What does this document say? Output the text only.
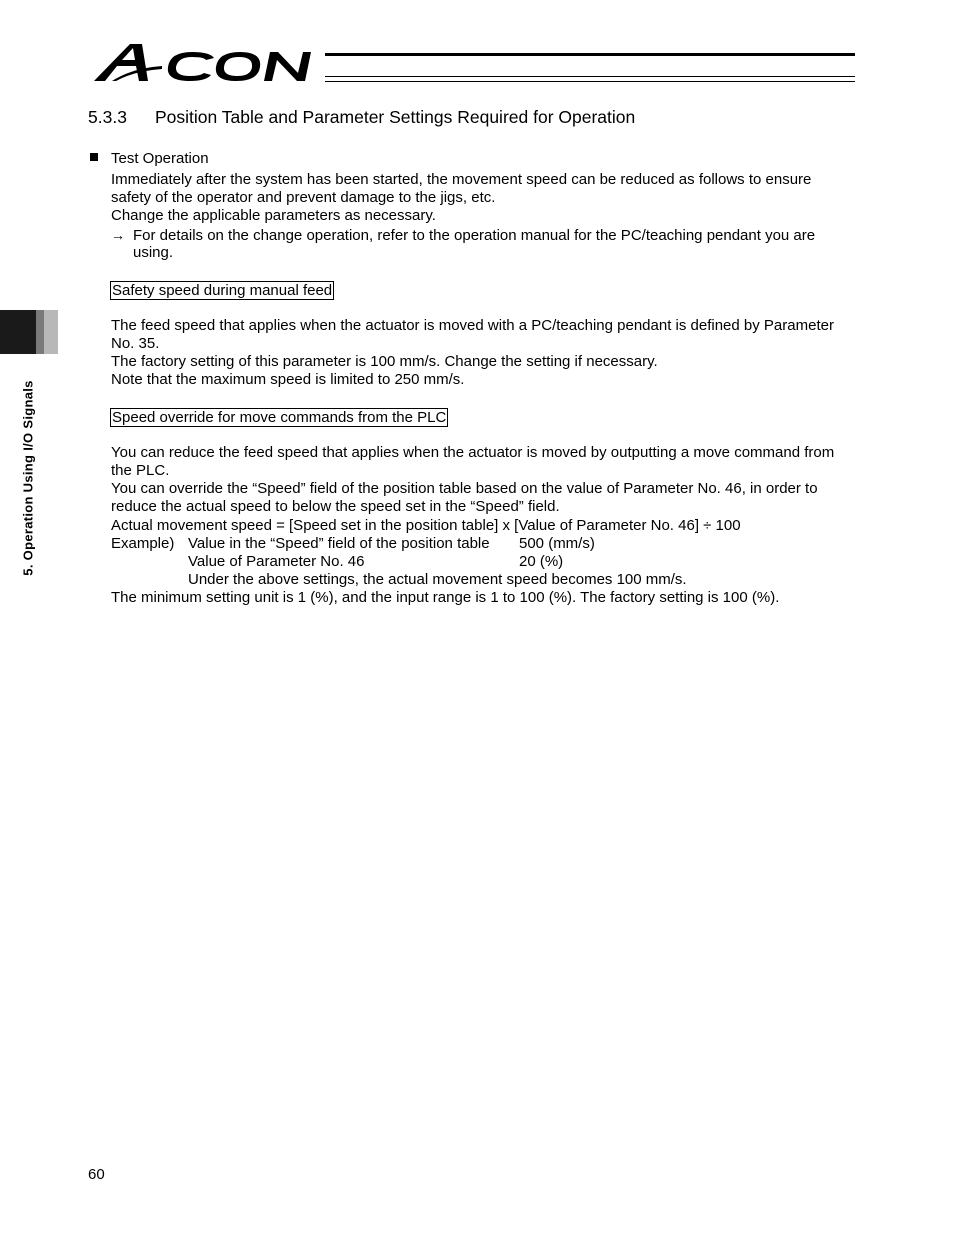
5. Operation Using I/O Signals
5.3.3 Position Table and Parameter Settings Required for Operation
Test Operation
Immediately after the system has been started, the movement speed can be reduced as follows to ensure
safety of the operator and prevent damage to the jigs, etc.
Change the applicable parameters as necessary.
→ For details on the change operation, refer to the operation manual for the PC/teaching pendant you are
using.
Safety speed during manual feed
The feed speed that applies when the actuator is moved with a PC/teaching pendant is defined by Parameter
No. 35.
The factory setting of this parameter is 100 mm/s. Change the setting if necessary.
Note that the maximum speed is limited to 250 mm/s.
Speed override for move commands from the PLC
You can reduce the feed speed that applies when the actuator is moved by outputting a move command from
the PLC.
You can override the “Speed” field of the position table based on the value of Parameter No. 46, in order to
reduce the actual speed to below the speed set in the “Speed” field.
Actual movement speed = [Speed set in the position table] x [Value of Parameter No. 46] ÷ 100
Example) Value in the “Speed” field of the position table 500 (mm/s)
Value of Parameter No. 46	20 (%)
Under the above settings, the actual movement speed becomes 100 mm/s.
The minimum setting unit is 1 (%), and the input range is 1 to 100 (%). The factory setting is 100 (%).
60
